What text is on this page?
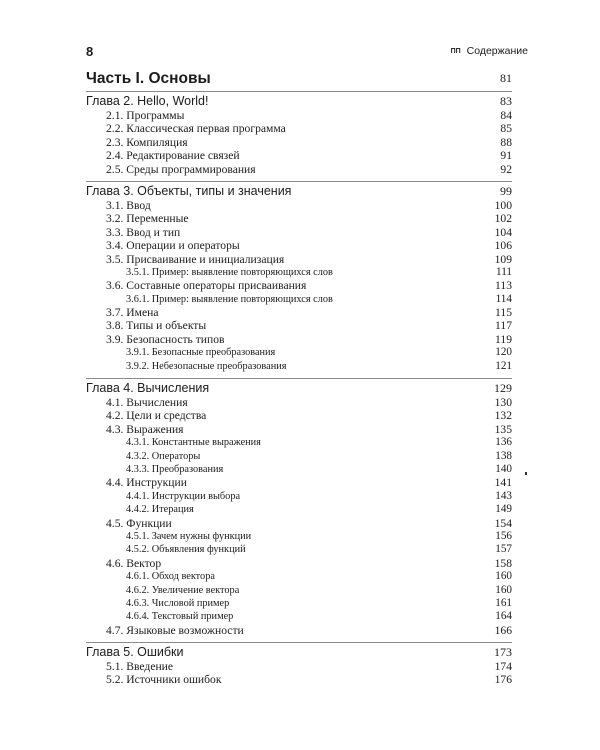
8	ПП Содержание
Часть I. Основы	81
Глава 2. Hello, World!	83
2.1. Программы	84
2.2. Классическая первая программа	85
2.3. Компиляция	88
2.4. Редактирование связей	91
2.5. Среды программирования	92
Глава 3. Объекты, типы и значения	99
3.1. Ввод	100
3.2. Переменные	102
3.3. Ввод и тип	104
3.4. Операции и операторы	106
3.5. Присваивание и инициализация	109
3.5.1. Пример: выявление повторяющихся слов	111
3.6. Составные операторы присваивания	113
3.6.1. Пример: выявление повторяющихся слов	114
3.7. Имена	115
3.8. Типы и объекты	117
3.9. Безопасность типов	119
3.9.1. Безопасные преобразования	120
3.9.2. Небезопасные преобразования	121
Глава 4. Вычисления	129
4.1. Вычисления	130
4.2. Цели и средства	132
4.3. Выражения	135
4.3.1. Константные выражения	136
4.3.2. Операторы	138
4.3.3. Преобразования	140
4.4. Инструкции	141
4.4.1. Инструкции выбора	143
4.4.2. Итерация	149
4.5. Функции	154
4.5.1. Зачем нужны функции	156
4.5.2. Объявления функций	157
4.6. Вектор	158
4.6.1. Обход вектора	160
4.6.2. Увеличение вектора	160
4.6.3. Числовой пример	161
4.6.4. Текстовый пример	164
4.7. Языковые возможности	166
Глава 5. Ошибки	173
5.1. Введение	174
5.2. Источники ошибок	176
